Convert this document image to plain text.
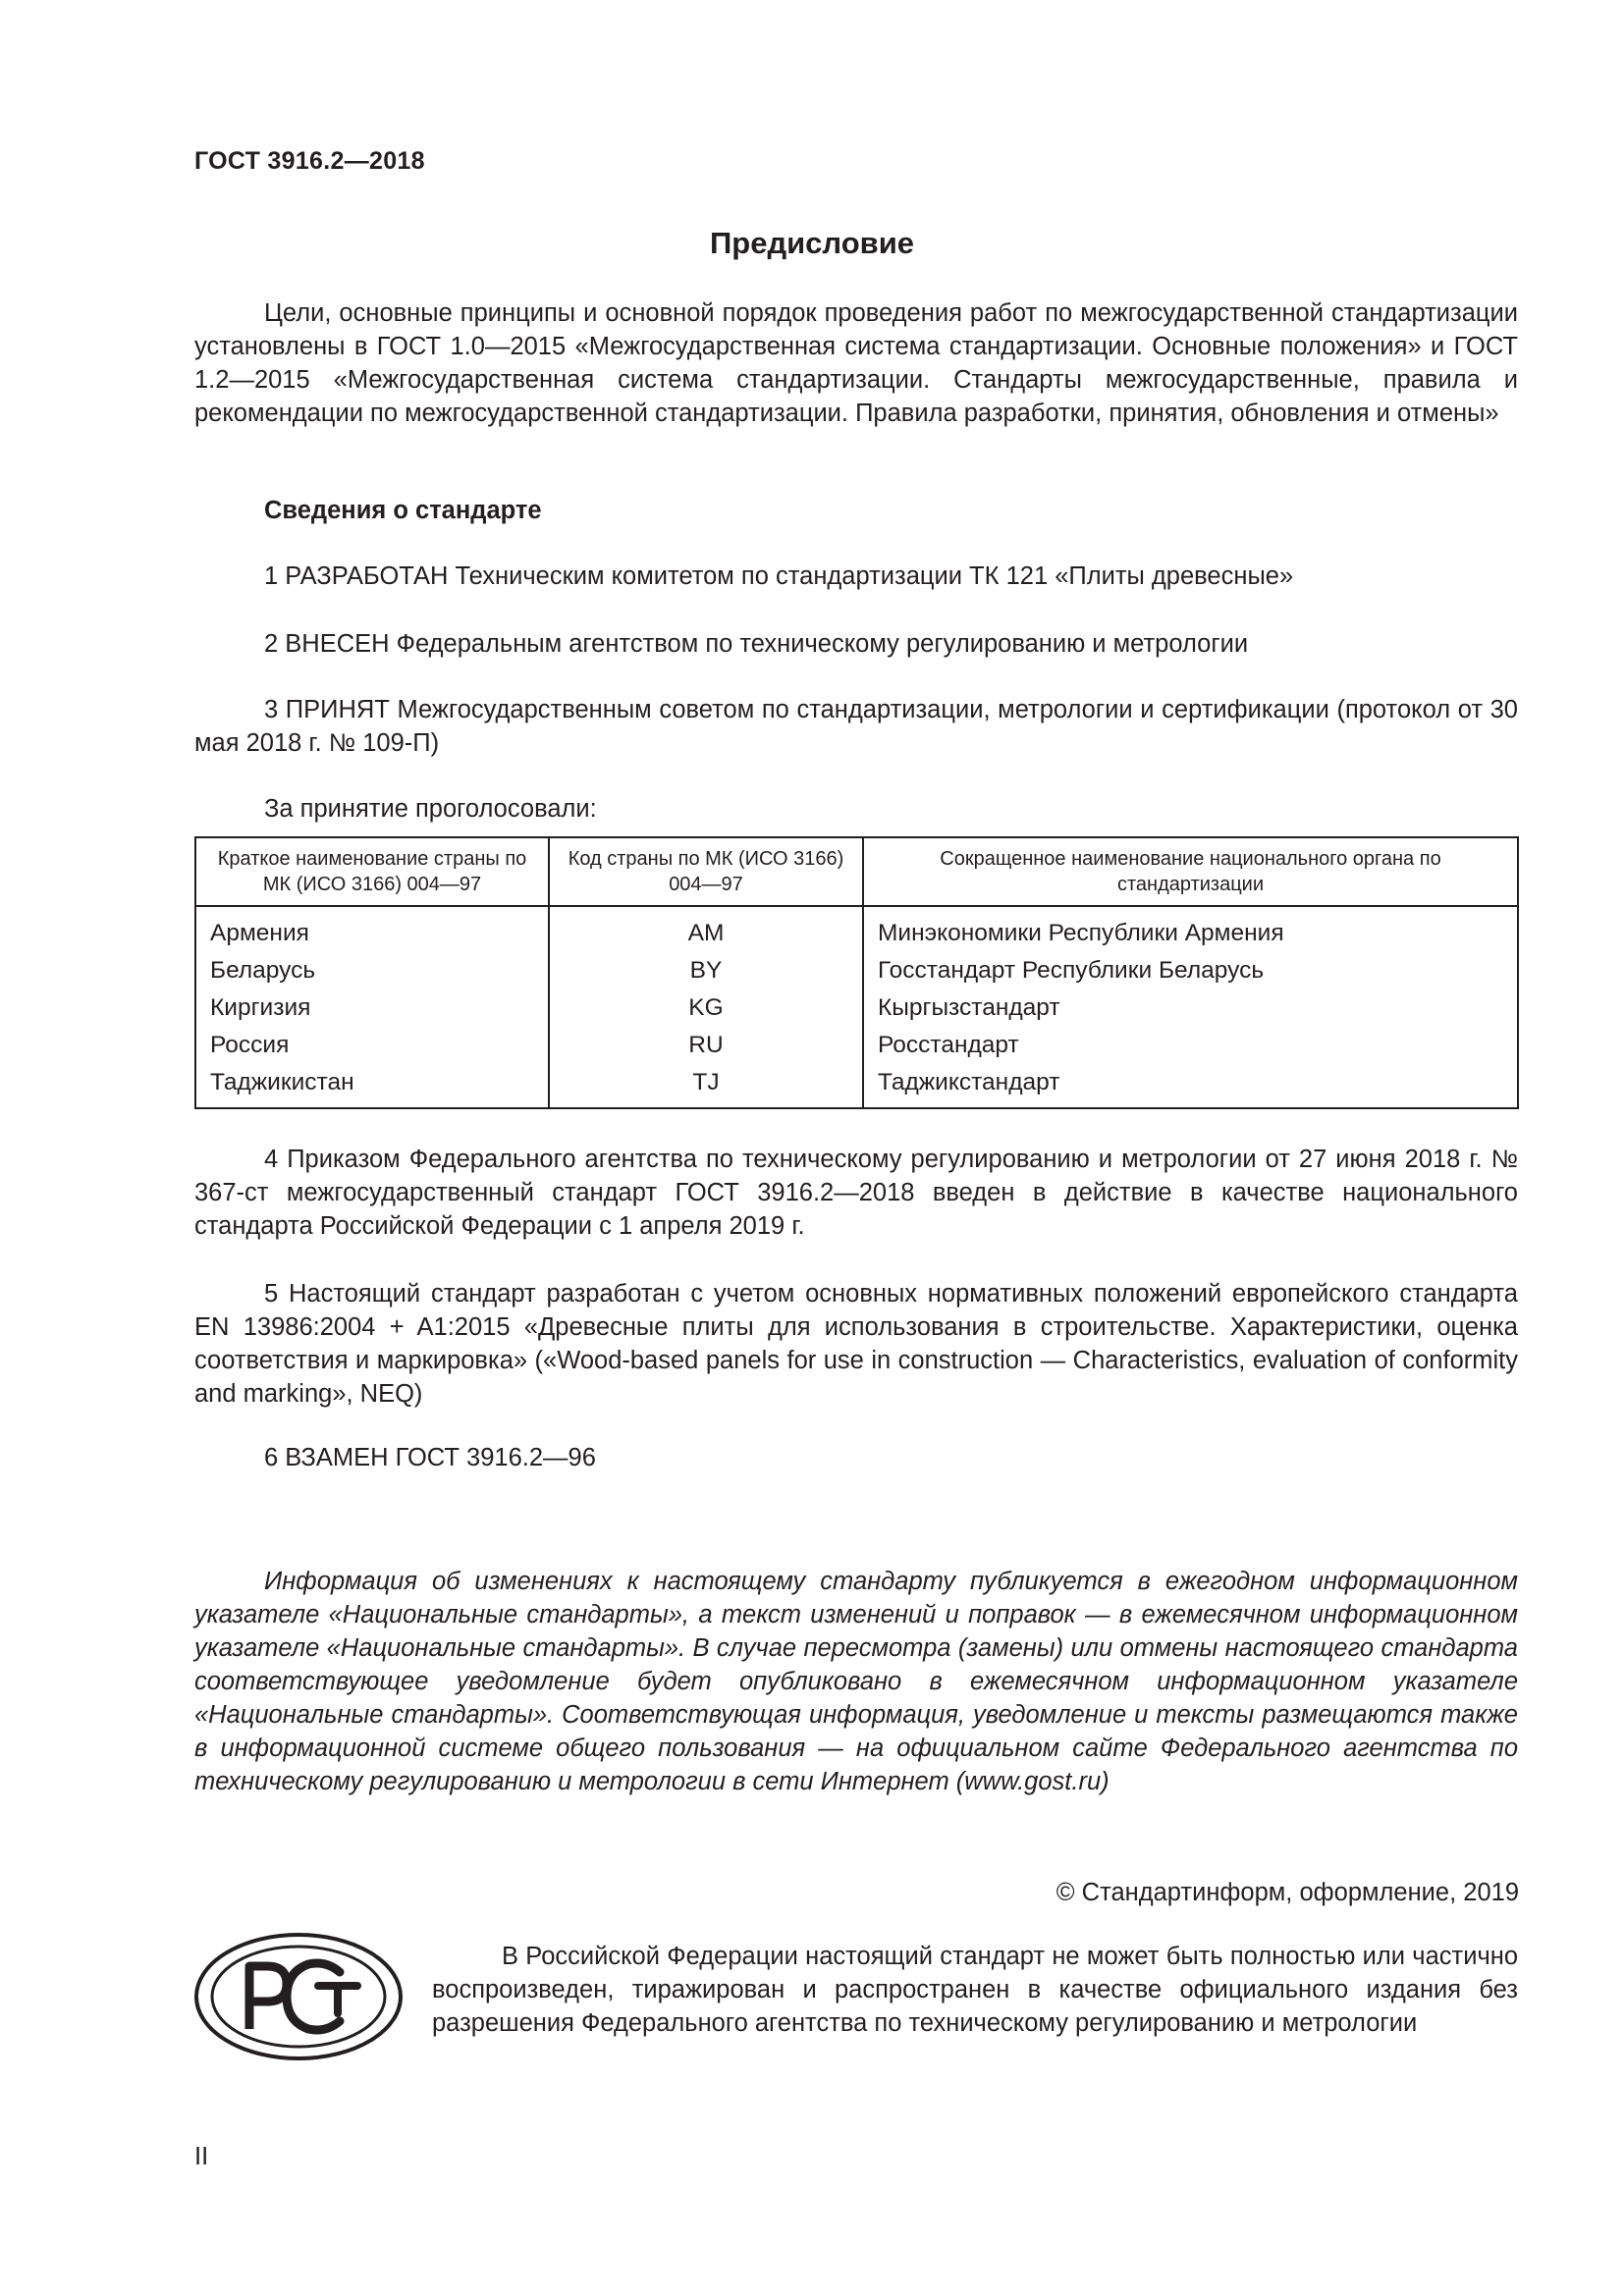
ГОСТ 3916.2—2018
Предисловие

Цели, основные принципы и основной порядок проведения работ по межгосударственной стандартизации установлены в ГОСТ 1.0—2015 «Межгосударственная система стандартизации. Основные положения» и ГОСТ 1.2—2015 «Межгосударственная система стандартизации. Стандарты межгосударственные, правила и рекомендации по межгосударственной стандартизации. Правила разработки, принятия, обновления и отмены»

Сведения о стандарте
1 РАЗРАБОТАН Техническим комитетом по стандартизации ТК 121 «Плиты древесные»
2 ВНЕСЕН Федеральным агентством по техническому регулированию и метрологии

3 ПРИНЯТ Межгосударственным советом по стандартизации, метрологии и сертификации (протокол от 30 мая 2018 г. № 109-П)

За принятие проголосовали:
Краткое наименование страны по МК (ИСО 3166) 004—97	Код страны по МК (ИСО 3166) 004—97	Сокращенное наименование национального органа по стандартизации
Армения	AM	Минэкономики Республики Армения
Беларусь	BY	Госстандарт Республики Беларусь
Киргизия	KG	Кыргызстандарт
Россия	RU	Росстандарт
Таджикистан	TJ	Таджикстандарт

4 Приказом Федерального агентства по техническому регулированию и метрологии от 27 июня 2018 г. № 367-ст межгосударственный стандарт ГОСТ 3916.2—2018 введен в действие в качестве национального стандарта Российской Федерации с 1 апреля 2019 г.

5 Настоящий стандарт разработан с учетом основных нормативных положений европейского стандарта EN 13986:2004 + A1:2015 «Древесные плиты для использования в строительстве. Характеристики, оценка соответствия и маркировка» («Wood-based panels for use in construction — Characteristics, evaluation of conformity and marking», NEQ)

6 ВЗАМЕН ГОСТ 3916.2—96

Информация об изменениях к настоящему стандарту публикуется в ежегодном информационном указателе «Национальные стандарты», а текст изменений и поправок — в ежемесячном информационном указателе «Национальные стандарты». В случае пересмотра (замены) или отмены настоящего стандарта соответствующее уведомление будет опубликовано в ежемесячном информационном указателе «Национальные стандарты». Соответствующая информация, уведомление и тексты размещаются также в информационной системе общего пользования — на официальном сайте Федерального агентства по техническому регулированию и метрологии в сети Интернет (www.gost.ru)

© Стандартинформ, оформление, 2019

В Российской Федерации настоящий стандарт не может быть полностью или частично воспроизведен, тиражирован и распространен в качестве официального издания без разрешения Федерального агентства по техническому регулированию и метрологии

II
